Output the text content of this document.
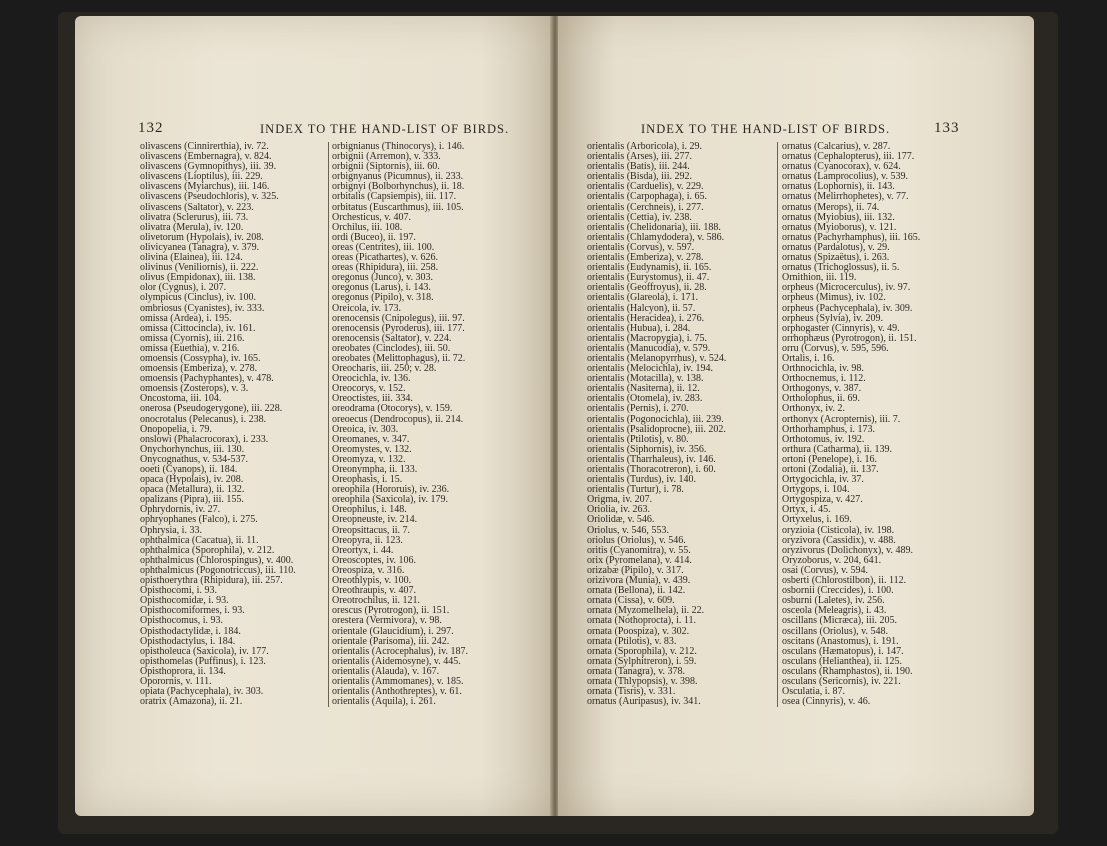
132	INDEX TO THE HAND-LIST OF BIRDS.
olivascens (Cinnirerthia), iv. 72.
olivascens (Embernagra), v. 824.
olivascens (Gymnopithys), iii. 39.
olivascens (Lioptilus), iii. 229.
olivascens (Myiarchus), iii. 146.
olivascens (Pseudochloris), v. 325.
olivascens (Saltator), v. 223.
olivatra (Sclerurus), iii. 73.
olivatra (Merula), iv. 120.
olivetorum (Hypolais), iv. 208.
olivicyanea (Tanagra), v. 379.
olivina (Elainea), iii. 124.
olivinus (Veniliornis), ii. 222.
olivus (Empidonax), iii. 138.
olor (Cygnus), i. 207.
olympicus (Cinclus), iv. 100.
ombriosus (Cyanistes), iv. 333.
omissa (Ardea), i. 195.
omissa (Cittocincla), iv. 161.
omissa (Cyornis), iii. 216.
omissa (Euethia), v. 216.
omoensis (Cossypha), iv. 165.
omoensis (Emberiza), v. 278.
omoensis (Pachyphantes), v. 478.
omoensis (Zosterops), v. 3.
Oncostoma, iii. 104.
onerosa (Pseudogerygone), iii. 228.
onocrotalus (Pelecanus), i. 238.
Onopopelia, i. 79.
onslowi (Phalacrocorax), i. 233.
Onychorhynchus, iii. 130.
Onycognathus, v. 534-537.
ooeti (Cyanops), ii. 184.
opaca (Hypolais), iv. 208.
opaca (Metallura), ii. 132.
opalizans (Pipra), iii. 155.
Ophrydornis, iv. 27.
ophryophanes (Falco), i. 275.
Ophrysia, i. 33.
ophthalmica (Cacatua), ii. 11.
ophthalmica (Sporophila), v. 212.
ophthalmicus (Chlorospingus), v. 400.
ophthalmicus (Pogonotriccus), iii. 110.
opisthoerythra (Rhipidura), iii. 257.
Opisthocomi, i. 93.
Opisthocomidæ, i. 93.
Opisthocomiformes, i. 93.
Opisthocomus, i. 93.
Opisthodactylidæ, i. 184.
Opisthodactylus, i. 184.
opistholeuca (Saxicola), iv. 177.
opisthomelas (Puffinus), i. 123.
Opisthoprora, ii. 134.
Oporornis, v. 111.
opiata (Pachycephala), iv. 303.
oratrix (Amazona), ii. 21.
orbignianus (Thinocorys), i. 146.
orbignii (Arremon), v. 333.
orbignii (Siptornis), iii. 60.
orbignyanus (Picumnus), ii. 233.
orbignyi (Bolborhynchus), ii. 18.
orbitalis (Capsiempis), iii. 117.
orbitatus (Euscarthmus), iii. 105.
Orchesticus, v. 407.
Orchilus, iii. 108.
ordi (Buceo), ii. 197.
oreas (Centrites), iii. 100.
oreas (Picathartes), v. 626.
oreas (Rhipidura), iii. 258.
oregonus (Junco), v. 303.
oregonus (Larus), i. 143.
oregonus (Pipilo), v. 318.
Oreicola, iv. 173.
orenocensis (Cnipolegus), iii. 97.
orenocensis (Pyroderus), iii. 177.
orenocensis (Saltator), v. 224.
oreobates (Cinclodes), iii. 50.
oreobates (Melittophagus), ii. 72.
Oreocharis, iii. 250; v. 28.
Oreocichla, iv. 136.
Oreocorys, v. 152.
Oreoctistes, iii. 334.
oreodrama (Otocorys), v. 159.
oreoecus (Dendrocopus), ii. 214.
Oreoica, iv. 303.
Oreomanes, v. 347.
Oreomystes, v. 132.
Oreomyza, v. 132.
Oreonympha, ii. 133.
Oreophasis, i. 15.
oreophila (Hororuis), iv. 236.
oreophila (Saxicola), iv. 179.
Oreophilus, i. 148.
Oreopneuste, iv. 214.
Oreopsittacus, ii. 7.
Oreopyra, ii. 123.
Oreortyx, i. 44.
Oreoscoptes, iv. 106.
Oreospiza, v. 316.
Oreothlypis, v. 100.
Oreothraupis, v. 407.
Oreotrochilus, ii. 121.
orescus (Pyrotrogon), ii. 151.
orestera (Vermivora), v. 98.
orientale (Glaucidium), i. 297.
orientale (Parisoma), iii. 242.
orientalis (Acrocephalus), iv. 187.
orientalis (Aidemosyne), v. 445.
orientalis (Alauda), v. 167.
orientalis (Ammomanes), v. 185.
orientalis (Anthothreptes), v. 61.
orientalis (Aquila), i. 261.
INDEX TO THE HAND-LIST OF BIRDS.	133
orientalis (Arboricola), i. 29.
orientalis (Arses), iii. 277.
orientalis (Batis), iii. 244.
orientalis (Bisda), iii. 292.
orientalis (Carduelis), v. 229.
orientalis (Carpophaga), i. 65.
orientalis (Cerchneis), i. 277.
orientalis (Cettia), iv. 238.
orientalis (Chelidonaria), iii. 188.
orientalis (Chlamydodera), v. 586.
orientalis (Corvus), v. 597.
orientalis (Emberiza), v. 278.
orientalis (Eudynamis), ii. 165.
orientalis (Eurystomus), ii. 47.
orientalis (Geoffroyus), ii. 28.
orientalis (Glareola), i. 171.
orientalis (Halcyon), ii. 57.
orientalis (Heracidea), i. 276.
orientalis (Hubua), i. 284.
orientalis (Macropygia), i. 75.
orientalis (Manucodia), v. 579.
orientalis (Melanopyrrhus), v. 524.
orientalis (Melocichla), iv. 194.
orientalis (Motacilla), v. 138.
orientalis (Nasiterna), ii. 12.
orientalis (Otomela), iv. 283.
orientalis (Pernis), i. 270.
orientalis (Pogonocichla), iii. 239.
orientalis (Psalidoprocne), iii. 202.
orientalis (Ptilotis), v. 80.
orientalis (Siphornis), iv. 356.
orientalis (Tharrhaleus), iv. 146.
orientalis (Thoracotreron), i. 60.
orientalis (Turdus), iv. 140.
orientalis (Turtur), i. 78.
Origma, iv. 207.
Oriolia, iv. 263.
Oriolidæ, v. 546.
Oriolus, v. 546, 553.
oriolus (Oriolus), v. 546.
oritis (Cyanomitra), v. 55.
orix (Pyromelana), v. 414.
orizabæ (Pipilo), v. 317.
orizivora (Munia), v. 439.
ornata (Bellona), ii. 142.
ornata (Cissa), v. 609.
ornata (Myzomelhela), ii. 22.
ornata (Nothoprocta), i. 11.
ornata (Poospiza), v. 302.
ornata (Ptilotis), v. 83.
ornata (Sporophila), v. 212.
ornata (Sylphitreron), i. 59.
ornata (Tanagra), v. 378.
ornata (Thlypopsis), v. 398.
ornata (Tisris), v. 331.
ornatus (Auripasus), iv. 341.
ornatus (Calcarius), v. 287.
ornatus (Cephalopterus), iii. 177.
ornatus (Cyanocorax), v. 624.
ornatus (Lamprocolius), v. 539.
ornatus (Lophornis), ii. 143.
ornatus (Melirrhophetes), v. 77.
ornatus (Merops), ii. 74.
ornatus (Myiobius), iii. 132.
ornatus (Myioborus), v. 121.
ornatus (Pachyrhamphus), iii. 165.
ornatus (Pardalotus), v. 29.
ornatus (Spizaëtus), i. 263.
ornatus (Trichoglossus), ii. 5.
Ornithion, iii. 119.
orpheus (Microcerculus), iv. 97.
orpheus (Mimus), iv. 102.
orpheus (Pachycephala), iv. 309.
orpheus (Sylvia), iv. 209.
orphogaster (Cinnyris), v. 49.
orrhophæus (Pyrotrogon), ii. 151.
orru (Corvus), v. 595, 596.
Ortalis, i. 16.
Orthnocichla, iv. 98.
Orthocnemus, i. 112.
Orthogonys, v. 387.
Ortholophus, ii. 69.
Orthonyx, iv. 2.
orthonyx (Acropternis), iii. 7.
Orthorhamphus, i. 173.
Orthotomus, iv. 192.
orthura (Catharma), ii. 139.
ortoni (Penelope), i. 16.
ortoni (Zodalia), ii. 137.
Ortygocichla, iv. 37.
Ortygops, i. 104.
Ortygospiza, v. 427.
Ortyx, i. 45.
Ortyxelus, i. 169.
oryzioia (Cisticola), iv. 198.
oryzivora (Cassidix), v. 488.
oryzivorus (Dolichonyx), v. 489.
Oryzoborus, v. 204, 641.
osai (Corvus), v. 594.
osberti (Chlorostilbon), ii. 112.
osbornii (Creccides), i. 100.
osburni (Laletes), iv. 256.
osceola (Meleagris), i. 43.
oscillans (Micræca), iii. 205.
oscillans (Oriolus), v. 548.
oscitans (Anastomus), i. 191.
osculans (Hæmatopus), i. 147.
osculans (Helianthea), ii. 125.
osculans (Rhamphastos), ii. 190.
osculans (Sericornis), iv. 221.
Osculatia, i. 87.
osea (Cinnyris), v. 46.
